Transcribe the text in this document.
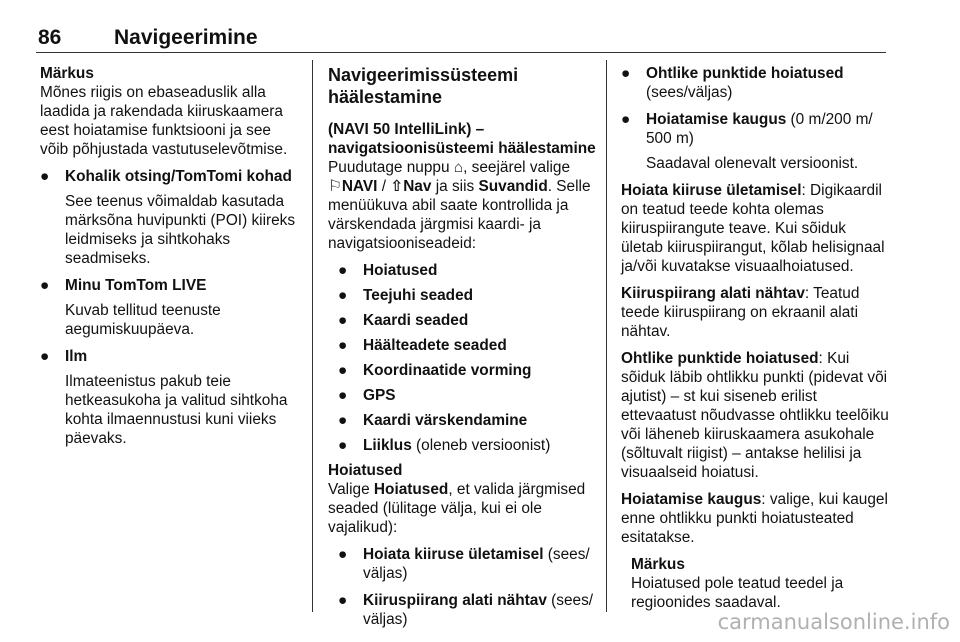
86	Navigeerimine

Märkus

Mõnes riigis on ebaseaduslik alla laadida ja rakendada kiiruskaamera eest hoiatamise funktsiooni ja see võib põhjustada vastutuselevõtmise.

●	Kohalik otsing/TomTomi kohad

See teenus võimaldab kasutada märksõna huvipunkti (POI) kiireks leidmiseks ja sihtkohaks seadmiseks.

●	Minu TomTom LIVE

Kuvab tellitud teenuste aegumiskuupäeva.

●	Ilm

Ilmateenistus pakub teie hetkeasukoha ja valitud sihtkoha kohta ilmaennustusi kuni viieks päevaks.

Navigeerimissüsteemi häälestamine

(NAVI 50 IntelliLink) – navigatsioonisüsteemi häälestamine

Puudutage nuppu ⌂, seejärel valige ⚐NAVI / ⇧Nav ja siis Suvandid. Selle menüükuva abil saate kontrollida ja värskendada järgmisi kaardi- ja navigatsiooniseadeid:

●	Hoiatused
●	Teejuhi seaded
●	Kaardi seaded
●	Häälteadete seaded
●	Koordinaatide vorming
●	GPS
●	Kaardi värskendamine
●	Liiklus (oleneb versioonist)

Hoiatused

Valige Hoiatused, et valida järgmised seaded (lülitage välja, kui ei ole vajalikud):

●	Hoiata kiiruse ületamisel (sees/ väljas)
●	Kiiruspiirang alati nähtav (sees/ väljas)
●	Ohtlike punktide hoiatused

(sees/väljas)

●	Hoiatamise kaugus (0 m/200 m/ 500 m)

Saadaval olenevalt versioonist.

Hoiata kiiruse ületamisel: Digikaardil on teatud teede kohta olemas kiiruspiirangute teave. Kui sõiduk ületab kiiruspiirangut, kõlab helisignaal ja/või kuvatakse visuaalhoiatused.

Kiiruspiirang alati nähtav: Teatud teede kiiruspiirang on ekraanil alati nähtav.

Ohtlike punktide hoiatused: Kui sõiduk läbib ohtlikku punkti (pidevat või ajutist) – st kui siseneb erilist ettevaatust nõudvasse ohtlikku teelõiku või läheneb kiiruskaamera asukohale (sõltuvalt riigist) – antakse helilisi ja visuaalseid hoiatusi.

Hoiatamise kaugus: valige, kui kaugel enne ohtlikku punkti hoiatusteated esitatakse.

Märkus

Hoiatused pole teatud teedel ja regioonides saadaval.

carmanualsonline.info
